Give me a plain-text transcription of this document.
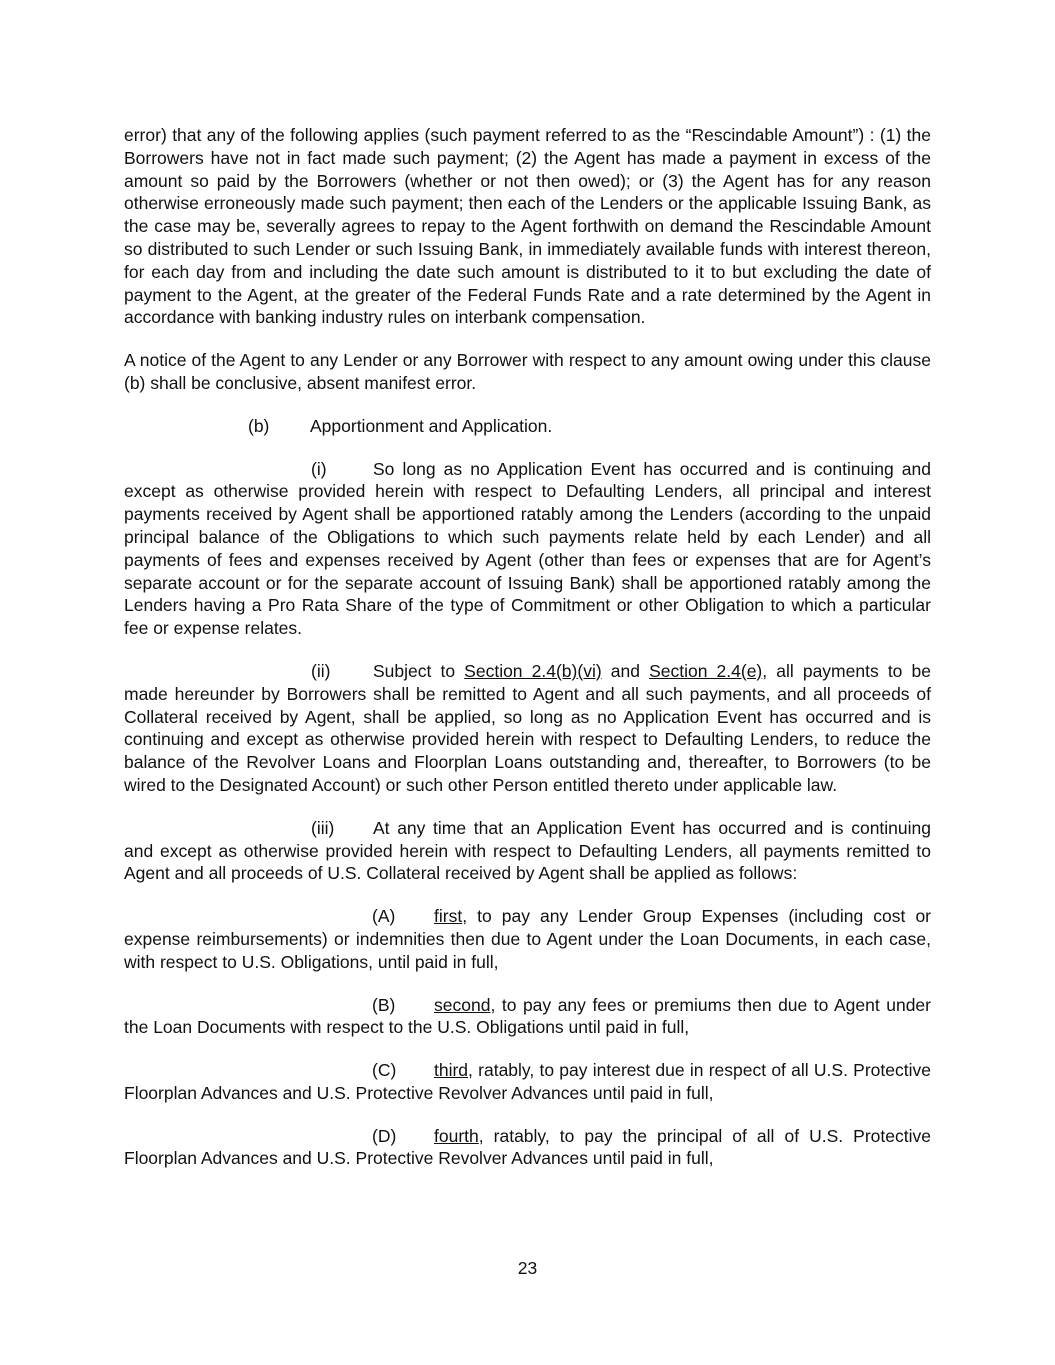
error) that any of the following applies (such payment referred to as the “Rescindable Amount”) : (1) the Borrowers have not in fact made such payment; (2) the Agent has made a payment in excess of the amount so paid by the Borrowers (whether or not then owed); or (3) the Agent has for any reason otherwise erroneously made such payment; then each of the Lenders or the applicable Issuing Bank, as the case may be, severally agrees to repay to the Agent forthwith on demand the Rescindable Amount so distributed to such Lender or such Issuing Bank, in immediately available funds with interest thereon, for each day from and including the date such amount is distributed to it to but excluding the date of payment to the Agent, at the greater of the Federal Funds Rate and a rate determined by the Agent in accordance with banking industry rules on interbank compensation.

A notice of the Agent to any Lender or any Borrower with respect to any amount owing under this clause (b) shall be conclusive, absent manifest error.

(b) Apportionment and Application.

(i)	So long as no Application Event has occurred and is continuing and except as otherwise provided herein with respect to Defaulting Lenders, all principal and interest payments received by Agent shall be apportioned ratably among the Lenders (according to the unpaid principal balance of the Obligations to which such payments relate held by each Lender) and all payments of fees and expenses received by Agent (other than fees or expenses that are for Agent’s separate account or for the separate account of Issuing Bank) shall be apportioned ratably among the Lenders having a Pro Rata Share of the type of Commitment or other Obligation to which a particular fee or expense relates.

(ii) Subject to Section 2.4(b)(vi) and Section 2.4(e), all payments to be made hereunder by Borrowers shall be remitted to Agent and all such payments, and all proceeds of Collateral received by Agent, shall be applied, so long as no Application Event has occurred and is continuing and except as otherwise provided herein with respect to Defaulting Lenders, to reduce the balance of the Revolver Loans and Floorplan Loans outstanding and, thereafter, to Borrowers (to be wired to the Designated Account) or such other Person entitled thereto under applicable law.

(iii) At any time that an Application Event has occurred and is continuing and except as otherwise provided herein with respect to Defaulting Lenders, all payments remitted to Agent and all proceeds of U.S. Collateral received by Agent shall be applied as follows:

(A) first, to pay any Lender Group Expenses (including cost or expense reimbursements) or indemnities then due to Agent under the Loan Documents, in each case, with respect to U.S. Obligations, until paid in full,

(B) second, to pay any fees or premiums then due to Agent under the Loan Documents with respect to the U.S. Obligations until paid in full,

(C) third, ratably, to pay interest due in respect of all U.S. Protective Floorplan Advances and U.S. Protective Revolver Advances until paid in full,

(D) fourth, ratably, to pay the principal of all of U.S. Protective Floorplan Advances and U.S. Protective Revolver Advances until paid in full,

23
